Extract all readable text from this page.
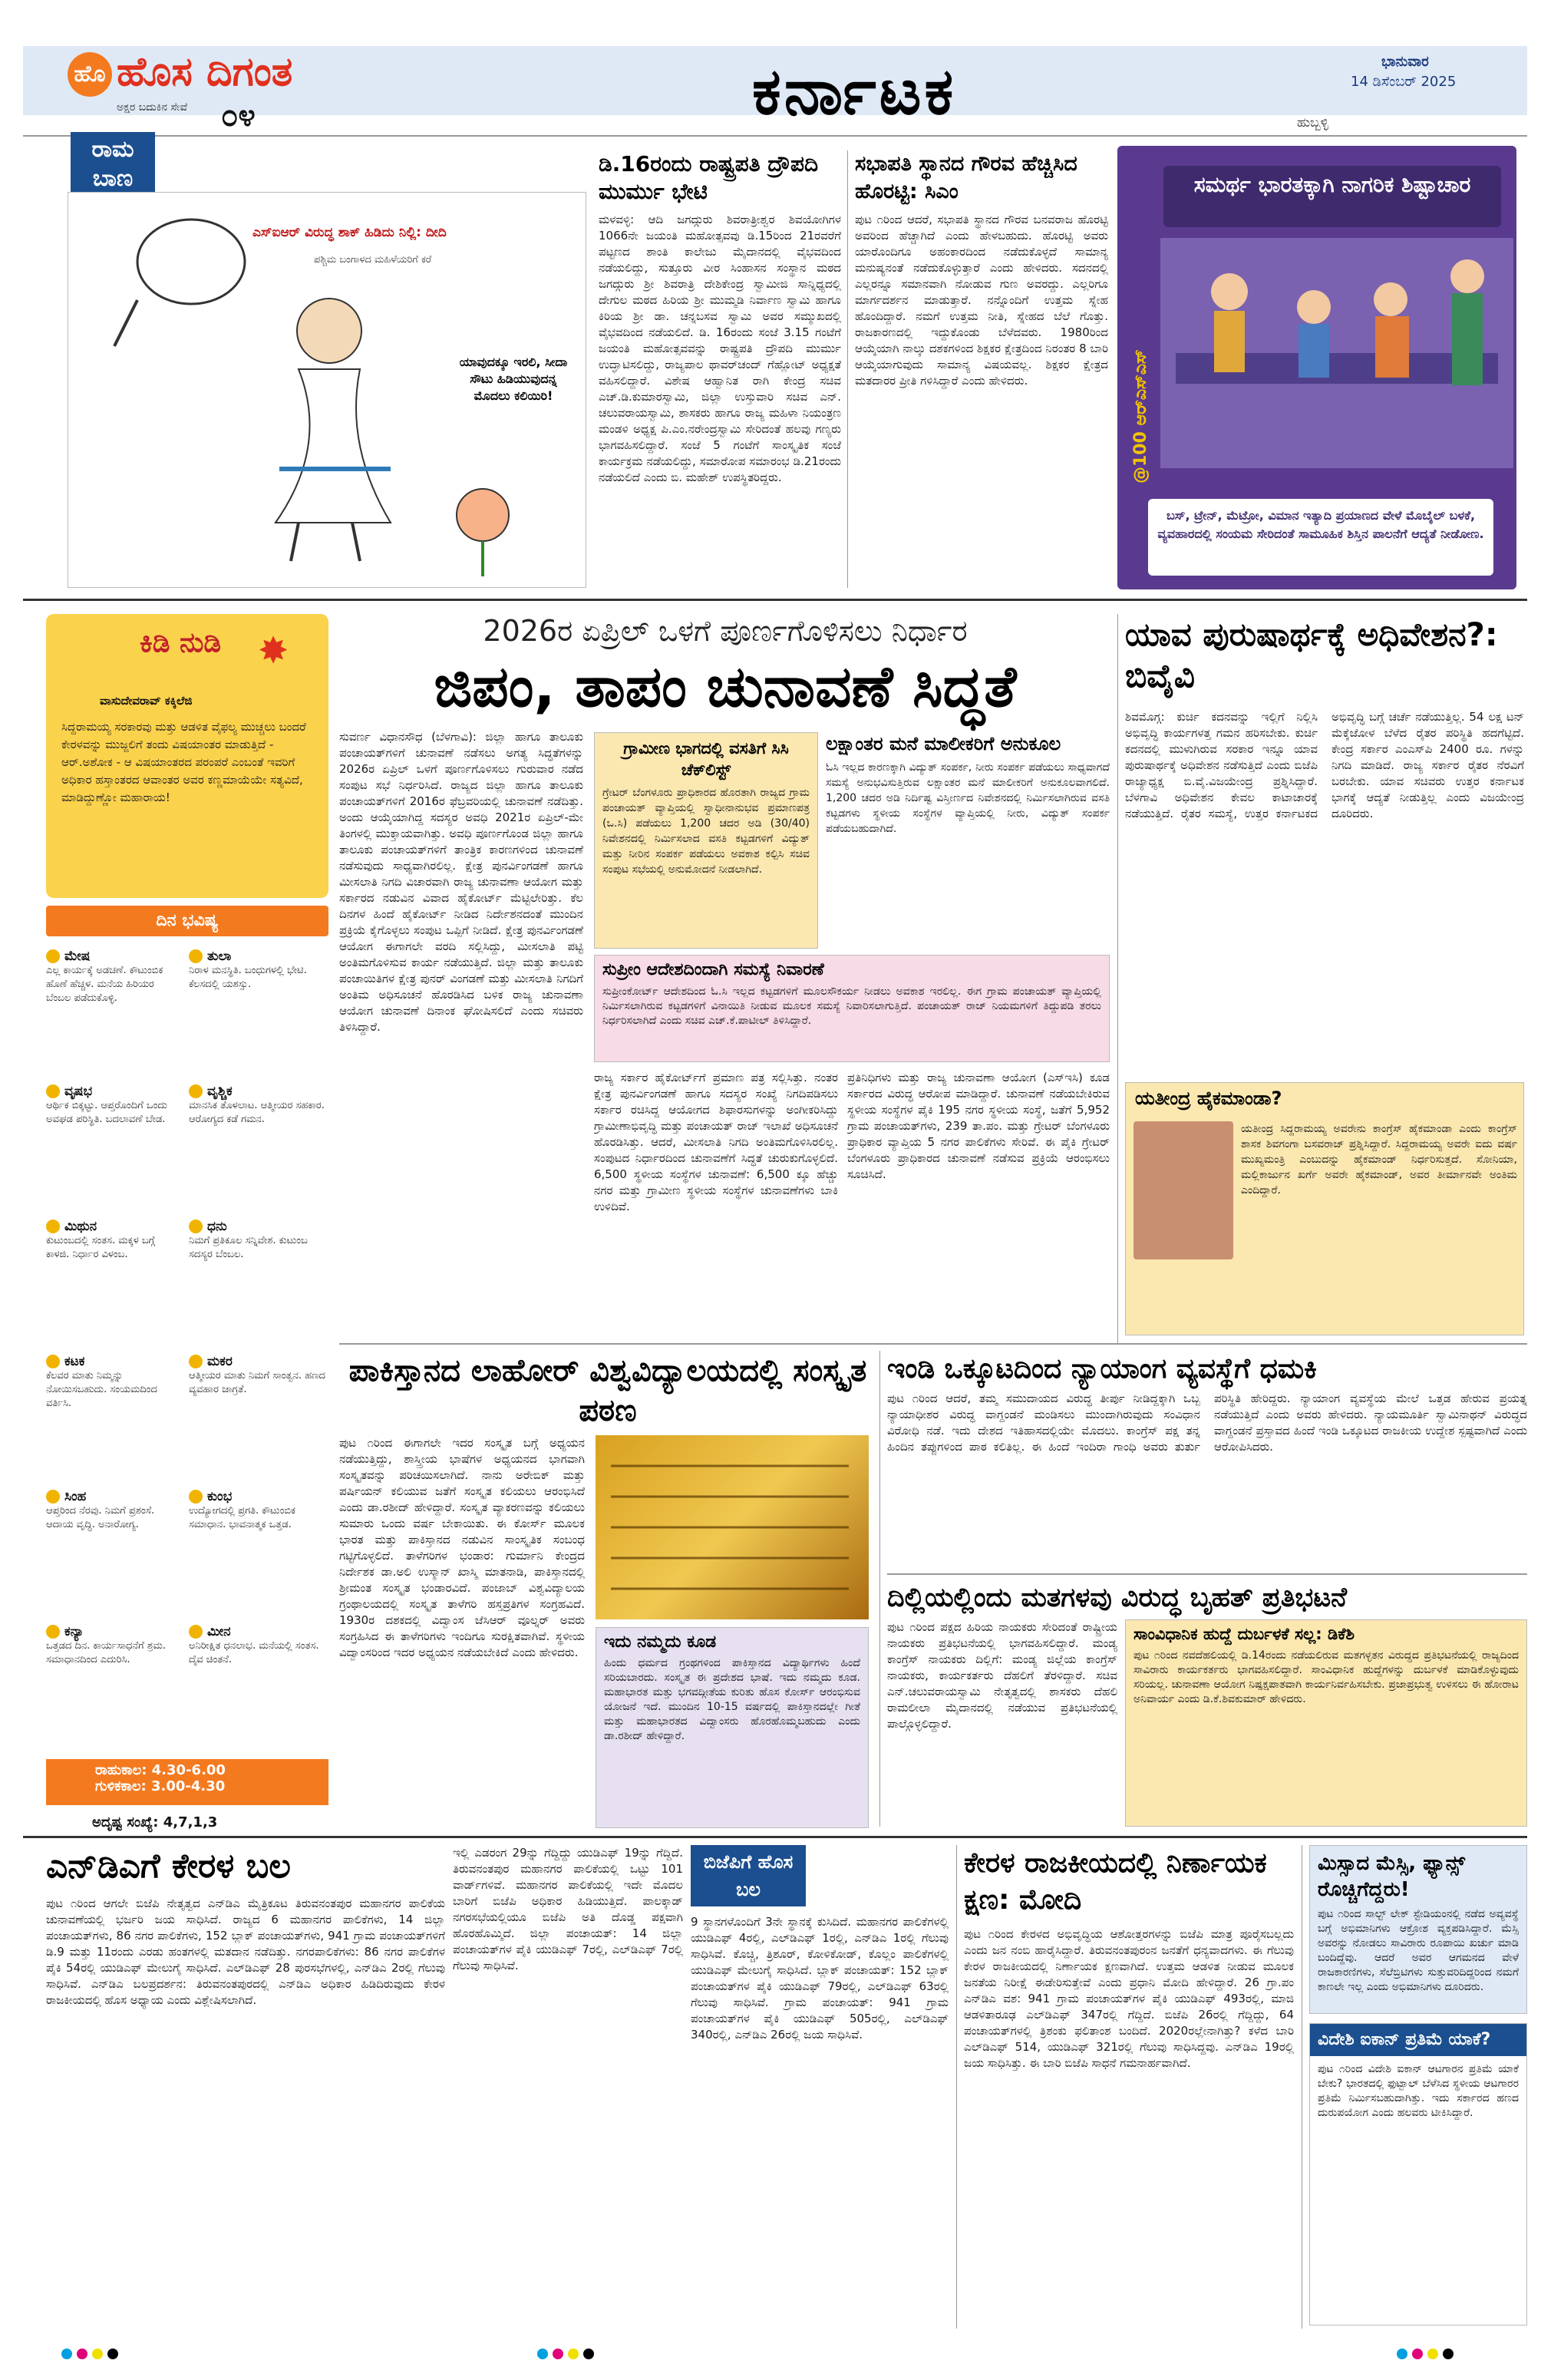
ಹೊ ಹೊಸ ದಿಗಂತ
ಅಕ್ಷರ ಬದುಕಿನ ಸೇವೆ ೦೪	ಕರ್ನಾಟಕ	ಭಾನುವಾರ
14 ಡಿಸೆಂಬರ್ 2025
ಹುಬ್ಬಳ್ಳಿ
ರಾಮ ಬಾಣ
ಎಸ್‌ಐಆರ್ ವಿರುದ್ಧ ಶಾಕ್ ಹಿಡಿದು ನಿಲ್ಲಿ: ದೀದಿ
ಪಶ್ಚಿಮ ಬಂಗಾಳದ ಮಹಿಳೆಯರಿಗೆ ಕರೆ
ಯಾವುದಕ್ಕೂ ಇರಲಿ, ಸೀದಾ ಸೌಟು ಹಿಡಿಯುವುದನ್ನ ಮೊದಲು ಕಲಿಯಿರಿ!
ಡಿ.16ರಂದು ರಾಷ್ಟ್ರಪತಿ ದ್ರೌಪದಿ ಮುರ್ಮು ಭೇಟಿ
ಮಳವಳ್ಳಿ: ಆದಿ ಜಗದ್ಗುರು ಶಿವರಾತ್ರೀಶ್ವರ ಶಿವಯೋಗಿಗಳ 1066ನೇ ಜಯಂತಿ ಮಹೋತ್ಸವವು ಡಿ.15ರಿಂದ 21ರವರೆಗೆ ಪಟ್ಟಣದ ಶಾಂತಿ ಕಾಲೇಜು ಮೈದಾನದಲ್ಲಿ ವೈಭವದಿಂದ ನಡೆಯಲಿದ್ದು, ಸುತ್ತೂರು ವೀರ ಸಿಂಹಾಸನ ಸಂಸ್ಥಾನ ಮಠದ ಜಗದ್ಗುರು ಶ್ರೀ ಶಿವರಾತ್ರಿ ದೇಶಿಕೇಂದ್ರ ಸ್ವಾಮೀಜಿ ಸಾನ್ನಿಧ್ಯದಲ್ಲಿ ದೇಗುಲ ಮಠದ ಹಿರಿಯ ಶ್ರೀ ಮುಮ್ಮಡಿ ನಿರ್ವಾಣ ಸ್ವಾಮಿ ಹಾಗೂ ಕಿರಿಯ ಶ್ರೀ ಡಾ. ಚನ್ನಬಸವ ಸ್ವಾಮಿ ಅವರ ಸಮ್ಮುಖದಲ್ಲಿ ವೈಭವದಿಂದ ನಡೆಯಲಿದೆ. ಡಿ. 16ರಂದು ಸಂಜೆ 3.15 ಗಂಟೆಗೆ ಜಯಂತಿ ಮಹೋತ್ಸವವನ್ನು ರಾಷ್ಟ್ರಪತಿ ದ್ರೌಪದಿ ಮುರ್ಮು ಉದ್ಘಾಟಿಸಲಿದ್ದು, ರಾಜ್ಯಪಾಲ ಥಾವರ್‌ಚಂದ್ ಗೆಹ್ಲೋಟ್ ಅಧ್ಯಕ್ಷತೆ ವಹಿಸಲಿದ್ದಾರೆ. ವಿಶೇಷ ಆಹ್ವಾನಿತ ರಾಗಿ ಕೇಂದ್ರ ಸಚಿವ ಎಚ್.ಡಿ.ಕುಮಾರಸ್ವಾಮಿ, ಜಿಲ್ಲಾ ಉಸ್ತುವಾರಿ ಸಚಿವ ಎನ್. ಚಲುವರಾಯಸ್ವಾಮಿ, ಶಾಸಕರು ಹಾಗೂ ರಾಜ್ಯ ಮಹಿಳಾ ನಿಯಂತ್ರಣ ಮಂಡಳಿ ಅಧ್ಯಕ್ಷ ಪಿ.ಎಂ.ನರೇಂದ್ರಸ್ವಾಮಿ ಸೇರಿದಂತೆ ಹಲವು ಗಣ್ಯರು ಭಾಗವಹಿಸಲಿದ್ದಾರೆ. ಸಂಜೆ 5 ಗಂಟೆಗೆ ಸಾಂಸ್ಕೃತಿಕ ಸಂಜೆ ಕಾರ್ಯಕ್ರಮ ನಡೆಯಲಿದ್ದು, ಸಮಾರೋಪ ಸಮಾರಂಭ ಡಿ.21ರಂದು ನಡೆಯಲಿದೆ ಎಂದು ಬಿ. ಮಹೇಶ್ ಉಪಸ್ಥಿತರಿದ್ದರು.
ಸಭಾಪತಿ ಸ್ಥಾನದ ಗೌರವ ಹೆಚ್ಚಿಸಿದ ಹೊರಟ್ಟಿ: ಸಿಎಂ
ಪುಟ ೧ರಿಂದ ಆದರೆ, ಸಭಾಪತಿ ಸ್ಥಾನದ ಗೌರವ ಬನವರಾಜ ಹೊರಟ್ಟಿ ಅವರಿಂದ ಹೆಚ್ಚಾಗಿದೆ ಎಂದು ಹೇಳಬಹುದು. ಹೊರಟ್ಟಿ ಅವರು ಯಾರೊಂದಿಗೂ ಅಹಂಕಾರದಿಂದ ನಡೆದುಕೊಳ್ಳದೆ ಸಾಮಾನ್ಯ ಮನುಷ್ಯನಂತೆ ನಡೆದುಕೊಳ್ಳುತ್ತಾರೆ ಎಂದು ಹೇಳಿದರು. ಸದನದಲ್ಲಿ ಎಲ್ಲರನ್ನೂ ಸಮಾನವಾಗಿ ನೋಡುವ ಗುಣ ಅವರದ್ದು. ಎಲ್ಲರಿಗೂ ಮಾರ್ಗದರ್ಶನ ಮಾಡುತ್ತಾರೆ. ನನ್ನೊಂದಿಗೆ ಉತ್ತಮ ಸ್ನೇಹ ಹೊಂದಿದ್ದಾರೆ. ನಮಗೆ ಉತ್ತಮ ನೀತಿ, ಸ್ನೇಹದ ಬೆಲೆ ಗೊತ್ತು. ರಾಜಕಾರಣದಲ್ಲಿ ಇದ್ದುಕೊಂಡು ಬೆಳೆದವರು. 1980ರಿಂದ ಆಯ್ಕೆಯಾಗಿ ನಾಲ್ಕು ದಶಕಗಳಿಂದ ಶಿಕ್ಷಕರ ಕ್ಷೇತ್ರದಿಂದ ನಿರಂತರ 8 ಬಾರಿ ಆಯ್ಕೆಯಾಗುವುದು ಸಾಮಾನ್ಯ ವಿಷಯವಲ್ಲ. ಶಿಕ್ಷಕರ ಕ್ಷೇತ್ರದ ಮತದಾರರ ಪ್ರೀತಿ ಗಳಿಸಿದ್ದಾರೆ ಎಂದು ಹೇಳಿದರು.
ಸಮರ್ಥ ಭಾರತಕ್ಕಾಗಿ ನಾಗರಿಕ ಶಿಷ್ಟಾಚಾರ
@100 ಆರ್‌ಎಸ್‌ಎಸ್
ಬಸ್, ಟ್ರೇನ್, ಮೆಟ್ರೋ, ವಿಮಾನ ಇತ್ಯಾದಿ ಪ್ರಯಾಣದ ವೇಳೆ ಮೊಬೈಲ್ ಬಳಕೆ, ವ್ಯವಹಾರದಲ್ಲಿ ಸಂಯಮ ಸೇರಿದಂತೆ ಸಾಮೂಹಿಕ ಶಿಸ್ತಿನ ಪಾಲನೆಗೆ ಆದ್ಯತೆ ನೀಡೋಣ.
ಕಿಡಿ ನುಡಿ ✸
ವಾಸುದೇವರಾವ್ ಕಕ್ಕಿಲೆಜಿ
ಸಿದ್ದರಾಮಯ್ಯ ಸರಕಾರವು ಮತ್ತು ಆಡಳಿತ ವೈಫಲ್ಯ ಮುಚ್ಚಲು ಬಂದರೆ ಕೇರಳವನ್ನು ಮುಜ್ಜಲಿಗೆ ತಂದು ವಿಷಯಾಂತರ ಮಾಡುತ್ತಿದೆ - ಆರ್.ಅಶೋಕ - ಆ ವಿಷಯಾಂತರದ ಪರಂಪರೆ ಎಂಬಂತೆ ಇವರಿಗೆ ಅಧಿಕಾರ ಹಸ್ತಾಂತರದ ಆವಾಂತರ ಅವರ ಕಣ್ಣಮಾಯೆಯೇ ಸತ್ಯವಿದೆ, ಮಾಡಿದ್ದುಣ್ಣೋ ಮಹಾರಾಯ!
ದಿನ ಭವಿಷ್ಯ
ಮೇಷ
ಎಲ್ಲ ಕಾರ್ಯಕ್ಕೆ ಅಡಚಣೆ. ಕೌಟುಂಬಿಕ ಹೊಣೆ ಹೆಚ್ಚಳ. ಮನೆಯ ಹಿರಿಯರ ಬೆಂಬಲ ಪಡೆದುಕೊಳ್ಳಿ.
ವೃಷಭ
ಆರ್ಥಿಕ ಬಿಕ್ಕಟ್ಟು. ಆಪ್ತರೊಂದಿಗೆ ಒಂದು ಅವಘಡ ಪರಿಸ್ಥಿತಿ. ಬದಲಾವಣೆ ಬೇಡ.
ಮಿಥುನ
ಕುಟುಂಬದಲ್ಲಿ ಸಂತಸ. ಮಕ್ಕಳ ಬಗ್ಗೆ ಕಾಳಜಿ. ನಿರ್ಧಾರ ವಿಳಂಬ.
ಕಟಕ
ಕೆಲವರ ಮಾತು ನಿಮ್ಮನ್ನು ನೋಯಿಸಬಹುದು. ಸಂಯಮದಿಂದ ವರ್ತಿಸಿ.
ಸಿಂಹ
ಆಪ್ತರಿಂದ ನೆರವು. ನಿಮಗೆ ಪ್ರಶಂಸೆ. ಆದಾಯ ವೃದ್ಧಿ. ಅನಾರೋಗ್ಯ.
ಕನ್ಯಾ
ಒತ್ತಡದ ದಿನ. ಕಾರ್ಯಸಾಧನೆಗೆ ಶ್ರಮ. ಸಮಾಧಾನದಿಂದ ಎದುರಿಸಿ.
ತುಲಾ
ನಿರಾಳ ಮನಸ್ಥಿತಿ. ಬಂಧುಗಳಲ್ಲಿ ಭೇಟಿ. ಕೆಲಸದಲ್ಲಿ ಯಶಸ್ಸು.
ವೃಶ್ಚಿಕ
ಮಾನಸಿಕ ತೊಳಲಾಟ. ಆತ್ಮೀಯರ ಸಹಕಾರ. ಆರೋಗ್ಯದ ಕಡೆ ಗಮನ.
ಧನು
ನಿಮಗೆ ಪ್ರತಿಕೂಲ ಸನ್ನಿವೇಶ. ಕುಟುಂಬ ಸದಸ್ಯರ ಬೆಂಬಲ.
ಮಕರ
ಆತ್ಮೀಯರ ಮಾತು ನಿಮಗೆ ಸಾಂತ್ವನ. ಹಣದ ವ್ಯವಹಾರ ಜಾಗ್ರತೆ.
ಕುಂಭ
ಉದ್ಯೋಗದಲ್ಲಿ ಪ್ರಗತಿ. ಕೌಟುಂಬಿಕ ಸಮಾಧಾನ. ಭಾವನಾತ್ಮಕ ಒತ್ತಡ.
ಮೀನ
ಅನಿರೀಕ್ಷಿತ ಧನಲಾಭ. ಮನೆಯಲ್ಲಿ ಸಂತಸ. ದೈವ ಚಿಂತನೆ.
ರಾಹುಕಾಲ: 4.30-6.00
ಗುಳಿಕಕಾಲ: 3.00-4.30
ಅದೃಷ್ಟ ಸಂಖ್ಯೆ: 4,7,1,3
2026ರ ಏಪ್ರಿಲ್ ಒಳಗೆ ಪೂರ್ಣಗೊಳಿಸಲು ನಿರ್ಧಾರ
ಜಿಪಂ, ತಾಪಂ ಚುನಾವಣೆ ಸಿದ್ಧತೆ
ಸುವರ್ಣ ವಿಧಾನಸೌಧ (ಬೆಳಗಾವಿ): ಜಿಲ್ಲಾ ಹಾಗೂ ತಾಲೂಕು ಪಂಚಾಯತ್‌ಗಳಿಗೆ ಚುನಾವಣೆ ನಡೆಸಲು ಅಗತ್ಯ ಸಿದ್ಧತೆಗಳನ್ನು 2026ರ ಏಪ್ರಿಲ್ ಒಳಗೆ ಪೂರ್ಣಗೊಳಿಸಲು ಗುರುವಾರ ನಡೆದ ಸಂಪುಟ ಸಭೆ ನಿರ್ಧರಿಸಿದೆ. ರಾಜ್ಯದ ಜಿಲ್ಲಾ ಹಾಗೂ ತಾಲೂಕು ಪಂಚಾಯತ್‌ಗಳಿಗೆ 2016ರ ಫೆಬ್ರವರಿಯಲ್ಲಿ ಚುನಾವಣೆ ನಡೆದಿತ್ತು. ಅಂದು ಆಯ್ಕೆಯಾಗಿದ್ದ ಸದಸ್ಯರ ಅವಧಿ 2021ರ ಏಪ್ರಿಲ್-ಮೇ ತಿಂಗಳಲ್ಲಿ ಮುಕ್ತಾಯವಾಗಿತ್ತು. ಅವಧಿ ಪೂರ್ಣಗೊಂಡ ಜಿಲ್ಲಾ ಹಾಗೂ ತಾಲೂಕು ಪಂಚಾಯತ್‌ಗಳಿಗೆ ತಾಂತ್ರಿಕ ಕಾರಣಗಳಿಂದ ಚುನಾವಣೆ ನಡೆಸುವುದು ಸಾಧ್ಯವಾಗಿರಲಿಲ್ಲ. ಕ್ಷೇತ್ರ ಪುನರ್ವಿಂಗಡಣೆ ಹಾಗೂ ಮೀಸಲಾತಿ ನಿಗದಿ ವಿಚಾರವಾಗಿ ರಾಜ್ಯ ಚುನಾವಣಾ ಆಯೋಗ ಮತ್ತು ಸರ್ಕಾರದ ನಡುವಿನ ವಿವಾದ ಹೈಕೋರ್ಟ್ ಮೆಟ್ಟಿಲೇರಿತ್ತು. ಕೆಲ ದಿನಗಳ ಹಿಂದೆ ಹೈಕೋರ್ಟ್ ನೀಡಿದ ನಿರ್ದೇಶನದಂತೆ ಮುಂದಿನ ಪ್ರಕ್ರಿಯೆ ಕೈಗೊಳ್ಳಲು ಸಂಪುಟ ಒಪ್ಪಿಗೆ ನೀಡಿದೆ. ಕ್ಷೇತ್ರ ಪುನರ್ವಿಂಗಡಣೆ ಆಯೋಗ ಈಗಾಗಲೇ ವರದಿ ಸಲ್ಲಿಸಿದ್ದು, ಮೀಸಲಾತಿ ಪಟ್ಟಿ ಅಂತಿಮಗೊಳಿಸುವ ಕಾರ್ಯ ನಡೆಯುತ್ತಿದೆ. ಜಿಲ್ಲಾ ಮತ್ತು ತಾಲೂಕು ಪಂಚಾಯಿತಿಗಳ ಕ್ಷೇತ್ರ ಪುನರ್ ವಿಂಗಡಣೆ ಮತ್ತು ಮೀಸಲಾತಿ ನಿಗದಿಗೆ ಅಂತಿಮ ಅಧಿಸೂಚನೆ ಹೊರಡಿಸಿದ ಬಳಿಕ ರಾಜ್ಯ ಚುನಾವಣಾ ಆಯೋಗ ಚುನಾವಣೆ ದಿನಾಂಕ ಘೋಷಿಸಲಿದೆ ಎಂದು ಸಚಿವರು ತಿಳಿಸಿದ್ದಾರೆ.
ಗ್ರಾಮೀಣ ಭಾಗದಲ್ಲಿ ವಸತಿಗೆ ಸಿಸಿ ಚೆಕ್‌ಲಿಸ್ಟ್
ಗ್ರೇಟರ್ ಬೆಂಗಳೂರು ಪ್ರಾಧಿಕಾರದ ಹೊರತಾಗಿ ರಾಜ್ಯದ ಗ್ರಾಮ ಪಂಚಾಯತ್ ವ್ಯಾಪ್ತಿಯಲ್ಲಿ ಸ್ವಾಧೀನಾನುಭವ ಪ್ರಮಾಣಪತ್ರ (ಒ.ಸಿ) ಪಡೆಯಲು 1,200 ಚದರ ಅಡಿ (30/40) ನಿವೇಶನದಲ್ಲಿ ನಿರ್ಮಿಸಲಾದ ವಸತಿ ಕಟ್ಟಡಗಳಿಗೆ ವಿದ್ಯುತ್ ಮತ್ತು ನೀರಿನ ಸಂಪರ್ಕ ಪಡೆಯಲು ಅವಕಾಶ ಕಲ್ಪಿಸಿ ಸಚಿವ ಸಂಪುಟ ಸಭೆಯಲ್ಲಿ ಅನುಮೋದನೆ ನೀಡಲಾಗಿದೆ.
ಲಕ್ಷಾಂತರ ಮನೆ ಮಾಲೀಕರಿಗೆ ಅನುಕೂಲ
ಓಸಿ ಇಲ್ಲದ ಕಾರಣಕ್ಕಾಗಿ ವಿದ್ಯುತ್ ಸಂಪರ್ಕ, ನೀರು ಸಂಪರ್ಕ ಪಡೆಯಲು ಸಾಧ್ಯವಾಗದೆ ಸಮಸ್ಯೆ ಅನುಭವಿಸುತ್ತಿರುವ ಲಕ್ಷಾಂತರ ಮನೆ ಮಾಲೀಕರಿಗೆ ಅನುಕೂಲವಾಗಲಿದೆ. 1,200 ಚದರ ಅಡಿ ನಿರ್ದಿಷ್ಟ ವಿಸ್ತೀರ್ಣದ ನಿವೇಶನದಲ್ಲಿ ನಿರ್ಮಿಸಲಾಗಿರುವ ವಸತಿ ಕಟ್ಟಡಗಳು ಸ್ಥಳೀಯ ಸಂಸ್ಥೆಗಳ ವ್ಯಾಪ್ತಿಯಲ್ಲಿ ನೀರು, ವಿದ್ಯುತ್ ಸಂಪರ್ಕ ಪಡೆಯಬಹುದಾಗಿದೆ.
ಸುಪ್ರೀಂ ಆದೇಶದಿಂದಾಗಿ ಸಮಸ್ಯೆ ನಿವಾರಣೆ
ಸುಪ್ರೀಂಕೋರ್ಟ್ ಆದೇಶದಿಂದ ಓ.ಸಿ ಇಲ್ಲದ ಕಟ್ಟಡಗಳಿಗೆ ಮೂಲಸೌಕರ್ಯ ನೀಡಲು ಅವಕಾಶ ಇರಲಿಲ್ಲ. ಈಗ ಗ್ರಾಮ ಪಂಚಾಯತ್ ವ್ಯಾಪ್ತಿಯಲ್ಲಿ ನಿರ್ಮಿಸಲಾಗಿರುವ ಕಟ್ಟಡಗಳಿಗೆ ವಿನಾಯಿತಿ ನೀಡುವ ಮೂಲಕ ಸಮಸ್ಯೆ ನಿವಾರಿಸಲಾಗುತ್ತಿದೆ. ಪಂಚಾಯತ್ ರಾಜ್ ನಿಯಮಗಳಿಗೆ ತಿದ್ದುಪಡಿ ತರಲು ನಿರ್ಧರಿಸಲಾಗಿದೆ ಎಂದು ಸಚಿವ ಎಚ್.ಕೆ.ಪಾಟೀಲ್ ತಿಳಿಸಿದ್ದಾರೆ.
ರಾಜ್ಯ ಸರ್ಕಾರ ಹೈಕೋರ್ಟ್‌ಗೆ ಪ್ರಮಾಣ ಪತ್ರ ಸಲ್ಲಿಸಿತ್ತು. ನಂತರ ಕ್ಷೇತ್ರ ಪುನರ್ವಿಂಗಡಣೆ ಹಾಗೂ ಸದಸ್ಯರ ಸಂಖ್ಯೆ ನಿಗದಿಪಡಿಸಲು ಸರ್ಕಾರ ರಚಿಸಿದ್ದ ಆಯೋಗದ ಶಿಫಾರಸುಗಳನ್ನು ಅಂಗೀಕರಿಸಿದ್ದು ಗ್ರಾಮೀಣಾಭಿವೃದ್ಧಿ ಮತ್ತು ಪಂಚಾಯತ್ ರಾಜ್ ಇಲಾಖೆ ಅಧಿಸೂಚನೆ ಹೊರಡಿಸಿತ್ತು. ಆದರೆ, ಮೀಸಲಾತಿ ನಿಗದಿ ಅಂತಿಮಗೊಳಿಸಿರಲಿಲ್ಲ. ಸಂಪುಟದ ನಿರ್ಧಾರದಿಂದ ಚುನಾವಣೆಗೆ ಸಿದ್ಧತೆ ಚುರುಕುಗೊಳ್ಳಲಿದೆ. 6,500 ಸ್ಥಳೀಯ ಸಂಸ್ಥೆಗಳ ಚುನಾವಣೆ: 6,500 ಕ್ಕೂ ಹೆಚ್ಚು ನಗರ ಮತ್ತು ಗ್ರಾಮೀಣ ಸ್ಥಳೀಯ ಸಂಸ್ಥೆಗಳ ಚುನಾವಣೆಗಳು ಬಾಕಿ ಉಳಿದಿವೆ.
ಪ್ರತಿನಿಧಿಗಳು ಮತ್ತು ರಾಜ್ಯ ಚುನಾವಣಾ ಆಯೋಗ (ಎಸ್‌ಇಸಿ) ಕೂಡ ಸರ್ಕಾರದ ವಿರುದ್ಧ ಆರೋಪ ಮಾಡಿದ್ದಾರೆ. ಚುನಾವಣೆ ನಡೆಯಬೇಕಿರುವ ಸ್ಥಳೀಯ ಸಂಸ್ಥೆಗಳ ಪೈಕಿ 195 ನಗರ ಸ್ಥಳೀಯ ಸಂಸ್ಥೆ, ಜತೆಗೆ 5,952 ಗ್ರಾಮ ಪಂಚಾಯತ್‌ಗಳು, 239 ತಾ.ಪಂ. ಮತ್ತು ಗ್ರೇಟರ್ ಬೆಂಗಳೂರು ಪ್ರಾಧಿಕಾರ ವ್ಯಾಪ್ತಿಯ 5 ನಗರ ಪಾಲಿಕೆಗಳು ಸೇರಿವೆ. ಈ ಪೈಕಿ ಗ್ರೇಟರ್ ಬೆಂಗಳೂರು ಪ್ರಾಧಿಕಾರದ ಚುನಾವಣೆ ನಡೆಸುವ ಪ್ರಕ್ರಿಯೆ ಆರಂಭಿಸಲು ಸೂಚಿಸಿದೆ.
ಯಾವ ಪುರುಷಾರ್ಥಕ್ಕೆ ಅಧಿವೇಶನ?: ಬಿವೈವಿ
ಶಿವಮೊಗ್ಗ: ಕುರ್ಚಿ ಕದನವನ್ನು ಇಲ್ಲಿಗೆ ನಿಲ್ಲಿಸಿ ಅಭಿವೃದ್ಧಿ ಕಾರ್ಯಗಳತ್ತ ಗಮನ ಹರಿಸಬೇಕು. ಕುರ್ಚಿ ಕದನದಲ್ಲಿ ಮುಳುಗಿರುವ ಸರಕಾರ ಇನ್ನೂ ಯಾವ ಪುರುಷಾರ್ಥಕ್ಕೆ ಅಧಿವೇಶನ ನಡೆಸುತ್ತಿದೆ ಎಂದು ಬಿಜೆಪಿ ರಾಜ್ಯಾಧ್ಯಕ್ಷ ಬಿ.ವೈ.ವಿಜಯೇಂದ್ರ ಪ್ರಶ್ನಿಸಿದ್ದಾರೆ. ಬೆಳಗಾವಿ ಅಧಿವೇಶನ ಕೇವಲ ಕಾಟಾಚಾರಕ್ಕೆ ನಡೆಯುತ್ತಿದೆ. ರೈತರ ಸಮಸ್ಯೆ, ಉತ್ತರ ಕರ್ನಾಟಕದ ಅಭಿವೃದ್ಧಿ ಬಗ್ಗೆ ಚರ್ಚೆ ನಡೆಯುತ್ತಿಲ್ಲ. 54 ಲಕ್ಷ ಟನ್ ಮೆಕ್ಕೆಜೋಳ ಬೆಳೆದ ರೈತರ ಪರಿಸ್ಥಿತಿ ಹದಗೆಟ್ಟಿದೆ. ಕೇಂದ್ರ ಸರ್ಕಾರ ಎಂಎಸ್‌ಪಿ 2400 ರೂ. ಗಳನ್ನು ನಿಗದಿ ಮಾಡಿದೆ. ರಾಜ್ಯ ಸರ್ಕಾರ ರೈತರ ನೆರವಿಗೆ ಬರಬೇಕು. ಯಾವ ಸಚಿವರು ಉತ್ತರ ಕರ್ನಾಟಕ ಭಾಗಕ್ಕೆ ಆದ್ಯತೆ ನೀಡುತ್ತಿಲ್ಲ ಎಂದು ವಿಜಯೇಂದ್ರ ದೂರಿದರು.
ಯತೀಂದ್ರ ಹೈಕಮಾಂಡಾ?
ಯತೀಂದ್ರ ಸಿದ್ದರಾಮಯ್ಯ ಅವರೇನು ಕಾಂಗ್ರೆಸ್ ಹೈಕಮಾಂಡಾ ಎಂದು ಕಾಂಗ್ರೆಸ್ ಶಾಸಕ ಶಿವಗಂಗಾ ಬಸವರಾಜ್ ಪ್ರಶ್ನಿಸಿದ್ದಾರೆ. ಸಿದ್ದರಾಮಯ್ಯ ಅವರೇ ಐದು ವರ್ಷ ಮುಖ್ಯಮಂತ್ರಿ ಎಂಬುದನ್ನು ಹೈಕಮಾಂಡ್ ನಿರ್ಧರಿಸುತ್ತದೆ. ಸೋನಿಯಾ, ಮಲ್ಲಿಕಾರ್ಜುನ ಖರ್ಗೆ ಅವರೇ ಹೈಕಮಾಂಡ್, ಅವರ ತೀರ್ಮಾನವೇ ಅಂತಿಮ ಎಂದಿದ್ದಾರೆ.
ಪಾಕಿಸ್ತಾನದ ಲಾಹೋರ್ ವಿಶ್ವವಿದ್ಯಾಲಯದಲ್ಲಿ ಸಂಸ್ಕೃತ ಪಠಣ
ಪುಟ ೧ರಿಂದ ಈಗಾಗಲೇ ಇದರ ಸಂಸ್ಕೃತ ಬಗ್ಗೆ ಅಧ್ಯಯನ ನಡೆಯುತ್ತಿದ್ದು, ಶಾಸ್ತ್ರೀಯ ಭಾಷೆಗಳ ಅಧ್ಯಯನದ ಭಾಗವಾಗಿ ಸಂಸ್ಕೃತವನ್ನು ಪರಿಚಯಿಸಲಾಗಿದೆ. ನಾನು ಅರೇಬಿಕ್ ಮತ್ತು ಪರ್ಷಿಯನ್ ಕಲಿಯುವ ಜತೆಗೆ ಸಂಸ್ಕೃತ ಕಲಿಯಲು ಆರಂಭಿಸಿದೆ ಎಂದು ಡಾ.ರಶೀದ್ ಹೇಳಿದ್ದಾರೆ. ಸಂಸ್ಕೃತ ವ್ಯಾಕರಣವನ್ನು ಕಲಿಯಲು ಸುಮಾರು ಒಂದು ವರ್ಷ ಬೇಕಾಯಿತು. ಈ ಕೋರ್ಸ್ ಮೂಲಕ ಭಾರತ ಮತ್ತು ಪಾಕಿಸ್ತಾನದ ನಡುವಿನ ಸಾಂಸ್ಕೃತಿಕ ಸಂಬಂಧ ಗಟ್ಟಿಗೊಳ್ಳಲಿದೆ. ತಾಳೆಗರಿಗಳ ಭಂಡಾರ: ಗುರ್ಮಾನಿ ಕೇಂದ್ರದ ನಿರ್ದೇಶಕ ಡಾ.ಅಲಿ ಉಸ್ಮಾನ್ ಖಾಸ್ಮಿ ಮಾತನಾಡಿ, ಪಾಕಿಸ್ತಾನದಲ್ಲಿ ಶ್ರೀಮಂತ ಸಂಸ್ಕೃತ ಭಂಡಾರವಿದೆ. ಪಂಜಾಬ್ ವಿಶ್ವವಿದ್ಯಾಲಯ ಗ್ರಂಥಾಲಯದಲ್ಲಿ ಸಂಸ್ಕೃತ ತಾಳೆಗರಿ ಹಸ್ತಪ್ರತಿಗಳ ಸಂಗ್ರಹವಿದೆ. 1930ರ ದಶಕದಲ್ಲಿ ವಿದ್ವಾಂಸ ಜೆಸಿಆರ್ ವೂಲ್ನರ್ ಅವರು ಸಂಗ್ರಹಿಸಿದ ಈ ತಾಳೆಗರಿಗಳು ಇಂದಿಗೂ ಸುರಕ್ಷಿತವಾಗಿವೆ. ಸ್ಥಳೀಯ ವಿದ್ವಾಂಸರಿಂದ ಇದರ ಅಧ್ಯಯನ ನಡೆಯಬೇಕಿದೆ ಎಂದು ಹೇಳಿದರು.
ಇದು ನಮ್ಮದು ಕೂಡ
ಹಿಂದು ಧರ್ಮದ ಗ್ರಂಥಗಳಿಂದ ಪಾಕಿಸ್ತಾನದ ವಿದ್ಯಾರ್ಥಿಗಳು ಹಿಂದೆ ಸರಿಯಬಾರದು. ಸಂಸ್ಕೃತ ಈ ಪ್ರದೇಶದ ಭಾಷೆ. ಇದು ನಮ್ಮದು ಕೂಡ. ಮಹಾಭಾರತ ಮತ್ತು ಭಗವದ್ಗೀತೆಯ ಕುರಿತು ಹೊಸ ಕೋರ್ಸ್ ಆರಂಭಿಸುವ ಯೋಜನೆ ಇದೆ. ಮುಂದಿನ 10-15 ವರ್ಷದಲ್ಲಿ ಪಾಕಿಸ್ತಾನದಲ್ಲೇ ಗೀತೆ ಮತ್ತು ಮಹಾಭಾರತದ ವಿದ್ವಾಂಸರು ಹೊರಹೊಮ್ಮಬಹುದು ಎಂದು ಡಾ.ರಶೀದ್ ಹೇಳಿದ್ದಾರೆ.
ಇಂಡಿ ಒಕ್ಕೂಟದಿಂದ ನ್ಯಾಯಾಂಗ ವ್ಯವಸ್ಥೆಗೆ ಧಮಕಿ
ಪುಟ ೧ರಿಂದ ಆದರೆ, ತಮ್ಮ ಸಮುದಾಯದ ವಿರುದ್ಧ ತೀರ್ಪು ನೀಡಿದ್ದಕ್ಕಾಗಿ ಒಬ್ಬ ನ್ಯಾಯಾಧೀಶರ ವಿರುದ್ಧ ವಾಗ್ದಂಡನೆ ಮಂಡಿಸಲು ಮುಂದಾಗಿರುವುದು ಸಂವಿಧಾನ ವಿರೋಧಿ ನಡೆ. ಇದು ದೇಶದ ಇತಿಹಾಸದಲ್ಲಿಯೇ ಮೊದಲು. ಕಾಂಗ್ರೆಸ್ ಪಕ್ಷ ತನ್ನ ಹಿಂದಿನ ತಪ್ಪುಗಳಿಂದ ಪಾಠ ಕಲಿತಿಲ್ಲ. ಈ ಹಿಂದೆ ಇಂದಿರಾ ಗಾಂಧಿ ಅವರು ತುರ್ತು ಪರಿಸ್ಥಿತಿ ಹೇರಿದ್ದರು. ನ್ಯಾಯಾಂಗ ವ್ಯವಸ್ಥೆಯ ಮೇಲೆ ಒತ್ತಡ ಹೇರುವ ಪ್ರಯತ್ನ ನಡೆಯುತ್ತಿದೆ ಎಂದು ಅವರು ಹೇಳಿದರು. ನ್ಯಾಯಮೂರ್ತಿ ಸ್ವಾಮಿನಾಥನ್ ವಿರುದ್ಧದ ವಾಗ್ದಂಡನೆ ಪ್ರಸ್ತಾವದ ಹಿಂದೆ ಇಂಡಿ ಒಕ್ಕೂಟದ ರಾಜಕೀಯ ಉದ್ದೇಶ ಸ್ಪಷ್ಟವಾಗಿದೆ ಎಂದು ಆರೋಪಿಸಿದರು.
ದಿಲ್ಲಿಯಲ್ಲಿಂದು ಮತಗಳವು ವಿರುದ್ಧ ಬೃಹತ್ ಪ್ರತಿಭಟನೆ
ಪುಟ ೧ರಿಂದ ಪಕ್ಷದ ಹಿರಿಯ ನಾಯಕರು ಸೇರಿದಂತೆ ರಾಷ್ಟ್ರೀಯ ನಾಯಕರು ಪ್ರತಿಭಟನೆಯಲ್ಲಿ ಭಾಗವಹಿಸಲಿದ್ದಾರೆ. ಮಂಡ್ಯ ಕಾಂಗ್ರೆಸ್ ನಾಯಕರು ದಿಲ್ಲಿಗೆ: ಮಂಡ್ಯ ಜಿಲ್ಲೆಯ ಕಾಂಗ್ರೆಸ್ ನಾಯಕರು, ಕಾರ್ಯಕರ್ತರು ದೆಹಲಿಗೆ ತೆರಳಿದ್ದಾರೆ. ಸಚಿವ ಎನ್.ಚಲುವರಾಯಸ್ವಾಮಿ ನೇತೃತ್ವದಲ್ಲಿ ಶಾಸಕರು ದೆಹಲಿ ರಾಮಲೀಲಾ ಮೈದಾನದಲ್ಲಿ ನಡೆಯುವ ಪ್ರತಿಭಟನೆಯಲ್ಲಿ ಪಾಲ್ಗೊಳ್ಳಲಿದ್ದಾರೆ.
ಸಾಂವಿಧಾನಿಕ ಹುದ್ದೆ ದುರ್ಬಳಕೆ ಸಲ್ಲ: ಡಿಕೆಶಿ
ಪುಟ ೧ರಿಂದ ನವದೆಹಲಿಯಲ್ಲಿ ಡಿ.14ರಂದು ನಡೆಯಲಿರುವ ಮತಗಳ್ಳತನ ವಿರುದ್ಧದ ಪ್ರತಿಭಟನೆಯಲ್ಲಿ ರಾಜ್ಯದಿಂದ ಸಾವಿರಾರು ಕಾರ್ಯಕರ್ತರು ಭಾಗವಹಿಸಲಿದ್ದಾರೆ. ಸಾಂವಿಧಾನಿಕ ಹುದ್ದೆಗಳನ್ನು ದುರ್ಬಳಕೆ ಮಾಡಿಕೊಳ್ಳುವುದು ಸರಿಯಲ್ಲ. ಚುನಾವಣಾ ಆಯೋಗ ನಿಷ್ಪಕ್ಷಪಾತವಾಗಿ ಕಾರ್ಯನಿರ್ವಹಿಸಬೇಕು. ಪ್ರಜಾಪ್ರಭುತ್ವ ಉಳಿಸಲು ಈ ಹೋರಾಟ ಅನಿವಾರ್ಯ ಎಂದು ಡಿ.ಕೆ.ಶಿವಕುಮಾರ್ ಹೇಳಿದರು.
ಎನ್‌ಡಿಎಗೆ ಕೇರಳ ಬಲ
ಪುಟ ೧ರಿಂದ ಆಗಲೇ ಬಿಜೆಪಿ ನೇತೃತ್ವದ ಎನ್‌ಡಿಎ ಮೈತ್ರಿಕೂಟ ತಿರುವನಂತಪುರ ಮಹಾನಗರ ಪಾಲಿಕೆಯ ಚುನಾವಣೆಯಲ್ಲಿ ಭರ್ಜರಿ ಜಯ ಸಾಧಿಸಿದೆ. ರಾಜ್ಯದ 6 ಮಹಾನಗರ ಪಾಲಿಕೆಗಳು, 14 ಜಿಲ್ಲಾ ಪಂಚಾಯತ್‌ಗಳು, 86 ನಗರ ಪಾಲಿಕೆಗಳು, 152 ಬ್ಲಾಕ್ ಪಂಚಾಯತ್‌ಗಳು, 941 ಗ್ರಾಮ ಪಂಚಾಯತ್‌ಗಳಿಗೆ ಡಿ.9 ಮತ್ತು 11ರಂದು ಎರಡು ಹಂತಗಳಲ್ಲಿ ಮತದಾನ ನಡೆದಿತ್ತು. ನಗರಪಾಲಿಕೆಗಳು: 86 ನಗರ ಪಾಲಿಕೆಗಳ ಪೈಕಿ 54ರಲ್ಲಿ ಯುಡಿಎಫ್ ಮೇಲುಗೈ ಸಾಧಿಸಿದೆ. ಎಲ್‌ಡಿಎಫ್ 28 ಪುರಸಭೆಗಳಲ್ಲಿ, ಎನ್‌ಡಿಎ 2ರಲ್ಲಿ ಗೆಲುವು ಸಾಧಿಸಿವೆ. ಎನ್‌ಡಿಎ ಬಲಪ್ರದರ್ಶನ: ತಿರುವನಂತಪುರದಲ್ಲಿ ಎನ್‌ಡಿಎ ಅಧಿಕಾರ ಹಿಡಿದಿರುವುದು ಕೇರಳ ರಾಜಕೀಯದಲ್ಲಿ ಹೊಸ ಅಧ್ಯಾಯ ಎಂದು ವಿಶ್ಲೇಷಿಸಲಾಗಿದೆ.
ಇಲ್ಲಿ ಎಡರಂಗ 29ನ್ನು ಗೆದ್ದಿದ್ದು ಯುಡಿಎಫ್ 19ನ್ನು ಗೆದ್ದಿದೆ. ತಿರುವನಂತಪುರ ಮಹಾನಗರ ಪಾಲಿಕೆಯಲ್ಲಿ ಒಟ್ಟು 101 ವಾರ್ಡ್‌ಗಳಿವೆ. ಮಹಾನಗರ ಪಾಲಿಕೆಯಲ್ಲಿ ಇದೇ ಮೊದಲ ಬಾರಿಗೆ ಬಿಜೆಪಿ ಅಧಿಕಾರ ಹಿಡಿಯುತ್ತಿದೆ. ಪಾಲಕ್ಕಾಡ್ ನಗರಸಭೆಯಲ್ಲಿಯೂ ಬಿಜೆಪಿ ಅತಿ ದೊಡ್ಡ ಪಕ್ಷವಾಗಿ ಹೊರಹೊಮ್ಮಿದೆ. ಜಿಲ್ಲಾ ಪಂಚಾಯತ್: 14 ಜಿಲ್ಲಾ ಪಂಚಾಯತ್‌ಗಳ ಪೈಕಿ ಯುಡಿಎಫ್ 7ರಲ್ಲಿ, ಎಲ್‌ಡಿಎಫ್ 7ರಲ್ಲಿ ಗೆಲುವು ಸಾಧಿಸಿವೆ.
ಬಿಜೆಪಿಗೆ ಹೊಸ ಬಲ
9 ಸ್ಥಾನಗಳೊಂದಿಗೆ 3ನೇ ಸ್ಥಾನಕ್ಕೆ ಕುಸಿದಿದೆ. ಮಹಾನಗರ ಪಾಲಿಕೆಗಳಲ್ಲಿ ಯುಡಿಎಫ್ 4ರಲ್ಲಿ, ಎಲ್‌ಡಿಎಫ್ 1ರಲ್ಲಿ, ಎನ್‌ಡಿಎ 1ರಲ್ಲಿ ಗೆಲುವು ಸಾಧಿಸಿವೆ. ಕೊಚ್ಚಿ, ತ್ರಿಶೂರ್, ಕೋಳಿಕೋಡ್, ಕೊಲ್ಲಂ ಪಾಲಿಕೆಗಳಲ್ಲಿ ಯುಡಿಎಫ್ ಮೇಲುಗೈ ಸಾಧಿಸಿದೆ. ಬ್ಲಾಕ್ ಪಂಚಾಯತ್: 152 ಬ್ಲಾಕ್ ಪಂಚಾಯತ್‌ಗಳ ಪೈಕಿ ಯುಡಿಎಫ್ 79ರಲ್ಲಿ, ಎಲ್‌ಡಿಎಫ್ 63ರಲ್ಲಿ ಗೆಲುವು ಸಾಧಿಸಿವೆ. ಗ್ರಾಮ ಪಂಚಾಯತ್: 941 ಗ್ರಾಮ ಪಂಚಾಯತ್‌ಗಳ ಪೈಕಿ ಯುಡಿಎಫ್ 505ರಲ್ಲಿ, ಎಲ್‌ಡಿಎಫ್ 340ರಲ್ಲಿ, ಎನ್‌ಡಿಎ 26ರಲ್ಲಿ ಜಯ ಸಾಧಿಸಿವೆ.
ಕೇರಳ ರಾಜಕೀಯದಲ್ಲಿ ನಿರ್ಣಾಯಕ ಕ್ಷಣ: ಮೋದಿ
ಪುಟ ೧ರಿಂದ ಕೇರಳದ ಅಭಿವೃದ್ಧಿಯ ಆಶೋತ್ತರಗಳನ್ನು ಬಿಜೆಪಿ ಮಾತ್ರ ಪೂರೈಸಬಲ್ಲದು ಎಂದು ಜನ ನಂಬಿ ಹಾರೈಸಿದ್ದಾರೆ. ತಿರುವನಂತಪುರಂನ ಜನತೆಗೆ ಧನ್ಯವಾದಗಳು. ಈ ಗೆಲುವು ಕೇರಳ ರಾಜಕೀಯದಲ್ಲಿ ನಿರ್ಣಾಯಕ ಕ್ಷಣವಾಗಿದೆ. ಉತ್ತಮ ಆಡಳಿತ ನೀಡುವ ಮೂಲಕ ಜನತೆಯ ನಿರೀಕ್ಷೆ ಈಡೇರಿಸುತ್ತೇವೆ ಎಂದು ಪ್ರಧಾನಿ ಮೋದಿ ಹೇಳಿದ್ದಾರೆ. 26 ಗ್ರಾ.ಪಂ ಎನ್‌ಡಿಎ ವಶ: 941 ಗ್ರಾಮ ಪಂಚಾಯತ್‌ಗಳ ಪೈಕಿ ಯುಡಿಎಫ್ 493ರಲ್ಲಿ, ಮಾಜಿ ಆಡಳಿತಾರೂಢ ಎಲ್‌ಡಿಎಫ್ 347ರಲ್ಲಿ ಗೆದ್ದಿದೆ. ಬಿಜೆಪಿ 26ರಲ್ಲಿ ಗೆದ್ದಿದ್ದು, 64 ಪಂಚಾಯತ್‌ಗಳಲ್ಲಿ ತ್ರಿಶಂಕು ಫಲಿತಾಂಶ ಬಂದಿದೆ. 2020ರಲ್ಲೇನಾಗಿತ್ತು? ಕಳೆದ ಬಾರಿ ಎಲ್‌ಡಿಎಫ್ 514, ಯುಡಿಎಫ್ 321ರಲ್ಲಿ ಗೆಲುವು ಸಾಧಿಸಿದ್ದವು. ಎನ್‌ಡಿಎ 19ರಲ್ಲಿ ಜಯ ಸಾಧಿಸಿತ್ತು. ಈ ಬಾರಿ ಬಿಜೆಪಿ ಸಾಧನೆ ಗಮನಾರ್ಹವಾಗಿದೆ.
ಮಿಸ್ಸಾದ ಮೆಸ್ಸಿ, ಫ್ಯಾನ್ಸ್ ರೊಚ್ಚಿಗೆದ್ದರು!
ಪುಟ ೧ರಿಂದ ಸಾಲ್ಟ್ ಲೇಕ್ ಸ್ಟೇಡಿಯಂನಲ್ಲಿ ನಡೆದ ಅವ್ಯವಸ್ಥೆ ಬಗ್ಗೆ ಅಭಿಮಾನಿಗಳು ಆಕ್ರೋಶ ವ್ಯಕ್ತಪಡಿಸಿದ್ದಾರೆ. ಮೆಸ್ಸಿ ಅವರನ್ನು ನೋಡಲು ಸಾವಿರಾರು ರೂಪಾಯಿ ಖರ್ಚು ಮಾಡಿ ಬಂದಿದ್ದೆವು. ಆದರೆ ಅವರ ಆಗಮನದ ವೇಳೆ ರಾಜಕಾರಣಿಗಳು, ಸೆಲೆಬ್ರಿಟಿಗಳು ಸುತ್ತುವರಿದಿದ್ದರಿಂದ ನಮಗೆ ಕಾಣಲೇ ಇಲ್ಲ ಎಂದು ಅಭಿಮಾನಿಗಳು ದೂರಿದರು.
ವಿದೇಶಿ ಐಕಾನ್ ಪ್ರತಿಮೆ ಯಾಕೆ?
ಪುಟ ೧ರಿಂದ ವಿದೇಶಿ ಐಕಾನ್ ಆಟಗಾರನ ಪ್ರತಿಮೆ ಯಾಕೆ ಬೇಕು? ಭಾರತದಲ್ಲಿ ಫುಟ್ಬಾಲ್ ಬೆಳೆಸಿದ ಸ್ಥಳೀಯ ಆಟಗಾರರ ಪ್ರತಿಮೆ ನಿರ್ಮಿಸಬಹುದಾಗಿತ್ತು. ಇದು ಸರ್ಕಾರದ ಹಣದ ದುರುಪಯೋಗ ಎಂದು ಹಲವರು ಟೀಕಿಸಿದ್ದಾರೆ.
